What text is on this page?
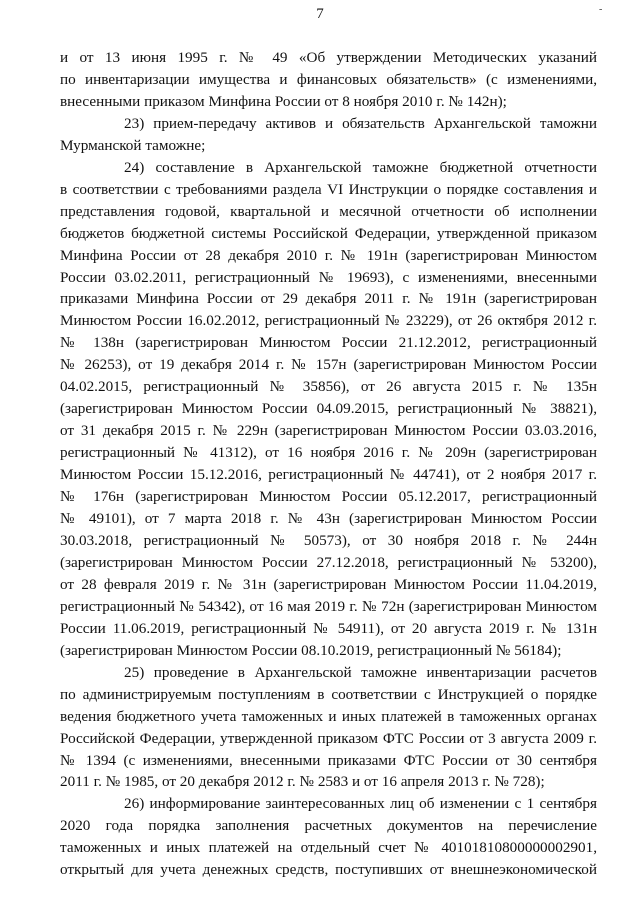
7	-
и от 13 июня 1995 г. № 49 «Об утверждении Методических указаний
по инвентаризации имущества и финансовых обязательств» (с изменениями,
внесенными приказом Минфина России от 8 ноября 2010 г. № 142н);
23) прием-передачу активов и обязательств Архангельской таможни
Мурманской таможне;
24) составление в Архангельской таможне бюджетной отчетности
в соответствии с требованиями раздела VI Инструкции о порядке составления и
представления годовой, квартальной и месячной отчетности об исполнении
бюджетов бюджетной системы Российской Федерации, утвержденной приказом
Минфина России от 28 декабря 2010 г. № 191н (зарегистрирован Минюстом
России 03.02.2011, регистрационный № 19693), с изменениями, внесенными
приказами Минфина России от 29 декабря 2011 г. № 191н (зарегистрирован
Минюстом России 16.02.2012, регистрационный № 23229), от 26 октября 2012 г.
№ 138н (зарегистрирован Минюстом России 21.12.2012, регистрационный
№ 26253), от 19 декабря 2014 г. № 157н (зарегистрирован Минюстом России
04.02.2015, регистрационный № 35856), от 26 августа 2015 г. № 135н
(зарегистрирован Минюстом России 04.09.2015, регистрационный № 38821),
от 31 декабря 2015 г. № 229н (зарегистрирован Минюстом России 03.03.2016,
регистрационный № 41312), от 16 ноября 2016 г. № 209н (зарегистрирован
Минюстом России 15.12.2016, регистрационный № 44741), от 2 ноября 2017 г.
№ 176н (зарегистрирован Минюстом России 05.12.2017, регистрационный
№ 49101), от 7 марта 2018 г. № 43н (зарегистрирован Минюстом России
30.03.2018, регистрационный № 50573), от 30 ноября 2018 г. № 244н
(зарегистрирован Минюстом России 27.12.2018, регистрационный № 53200),
от 28 февраля 2019 г. № 31н (зарегистрирован Минюстом России 11.04.2019,
регистрационный № 54342), от 16 мая 2019 г. № 72н (зарегистрирован Минюстом
России 11.06.2019, регистрационный № 54911), от 20 августа 2019 г. № 131н
(зарегистрирован Минюстом России 08.10.2019, регистрационный № 56184);
25) проведение в Архангельской таможне инвентаризации расчетов
по администрируемым поступлениям в соответствии с Инструкцией о порядке
ведения бюджетного учета таможенных и иных платежей в таможенных органах
Российской Федерации, утвержденной приказом ФТС России от 3 августа 2009 г.
№ 1394 (с изменениями, внесенными приказами ФТС России от 30 сентября
2011 г. № 1985, от 20 декабря 2012 г. № 2583 и от 16 апреля 2013 г. № 728);
26) информирование заинтересованных лиц об изменении с 1 сентября
2020 года порядка заполнения расчетных документов на перечисление
таможенных и иных платежей на отдельный счет № 40101810800000002901,
открытый для учета денежных средств, поступивших от внешнеэкономической
